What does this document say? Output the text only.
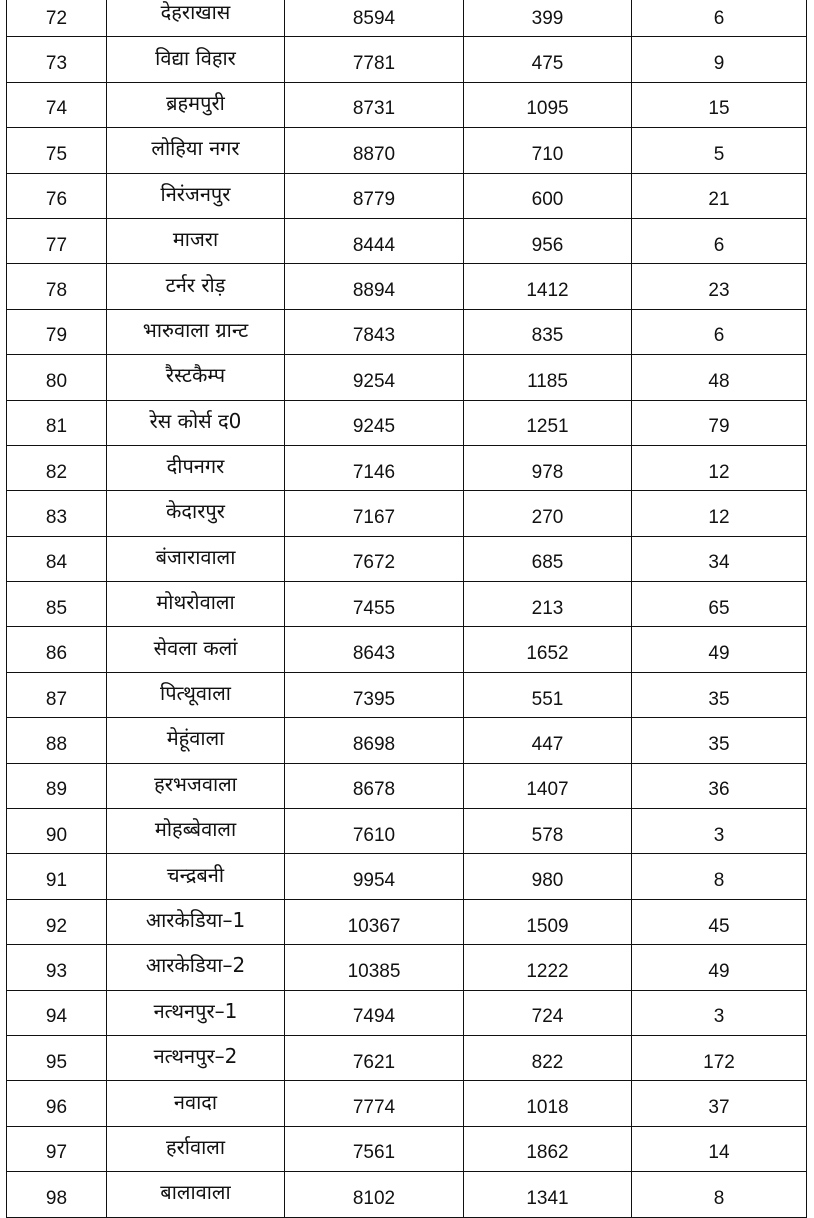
72	देहराखास	8594	399	6
73	विद्या विहार	7781	475	9
74	ब्रहमपुरी	8731	1095	15
75	लोहिया नगर	8870	710	5
76	निरंजनपुर	8779	600	21
77	माजरा	8444	956	6
78	टर्नर रोड़	8894	1412	23
79	भारुवाला ग्रान्ट	7843	835	6
80	रैस्टकैम्प	9254	1185	48
81	रेस कोर्स द0	9245	1251	79
82	दीपनगर	7146	978	12
83	केदारपुर	7167	270	12
84	बंजारावाला	7672	685	34
85	मोथरोवाला	7455	213	65
86	सेवला कलां	8643	1652	49
87	पित्थूवाला	7395	551	35
88	मेहूंवाला	8698	447	35
89	हरभजवाला	8678	1407	36
90	मोहब्बेवाला	7610	578	3
91	चन्द्रबनी	9954	980	8
92	आरकेडिया–1	10367	1509	45
93	आरकेडिया–2	10385	1222	49
94	नत्थनपुर–1	7494	724	3
95	नत्थनपुर–2	7621	822	172
96	नवादा	7774	1018	37
97	हर्रावाला	7561	1862	14
98	बालावाला	8102	1341	8
